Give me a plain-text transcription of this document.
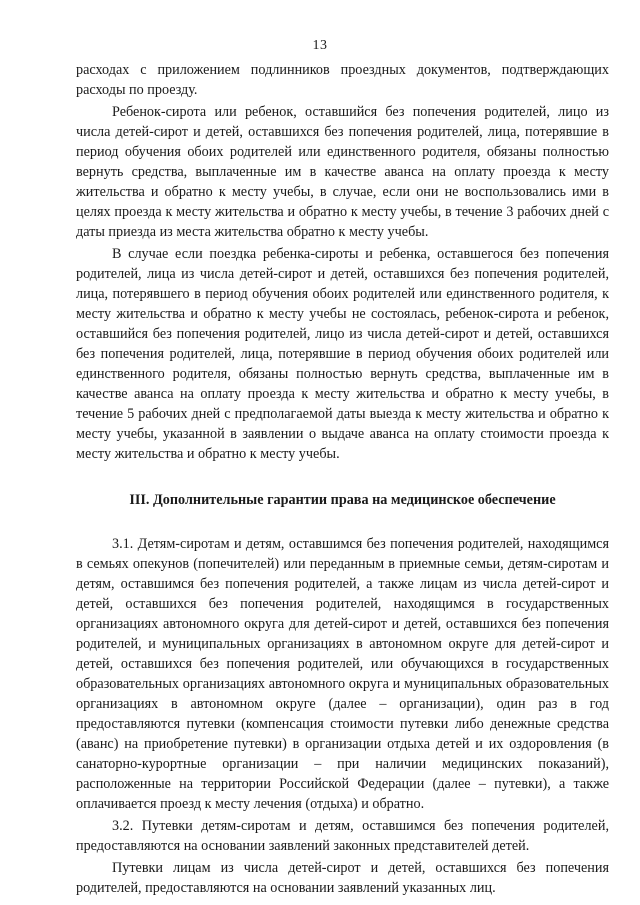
13

расходах с приложением подлинников проездных документов, подтверждающих расходы по проезду.

Ребенок-сирота или ребенок, оставшийся без попечения родителей, лицо из числа детей-сирот и детей, оставшихся без попечения родителей, лица, потерявшие в период обучения обоих родителей или единственного родителя, обязаны полностью вернуть средства, выплаченные им в качестве аванса на оплату проезда к месту жительства и обратно к месту учебы, в случае, если они не воспользовались ими в целях проезда к месту жительства и обратно к месту учебы, в течение 3 рабочих дней с даты приезда из места жительства обратно к месту учебы.

В случае если поездка ребенка-сироты и ребенка, оставшегося без попечения родителей, лица из числа детей-сирот и детей, оставшихся без попечения родителей, лица, потерявшего в период обучения обоих родителей или единственного родителя, к месту жительства и обратно к месту учебы не состоялась, ребенок-сирота и ребенок, оставшийся без попечения родителей, лицо из числа детей-сирот и детей, оставшихся без попечения родителей, лица, потерявшие в период обучения обоих родителей или единственного родителя, обязаны полностью вернуть средства, выплаченные им в качестве аванса на оплату проезда к месту жительства и обратно к месту учебы, в течение 5 рабочих дней с предполагаемой даты выезда к месту жительства и обратно к месту учебы, указанной в заявлении о выдаче аванса на оплату стоимости проезда к месту жительства и обратно к месту учебы.

III. Дополнительные гарантии права на медицинское обеспечение

3.1. Детям-сиротам и детям, оставшимся без попечения родителей, находящимся в семьях опекунов (попечителей) или переданным в приемные семьи, детям-сиротам и детям, оставшимся без попечения родителей, а также лицам из числа детей-сирот и детей, оставшихся без попечения родителей, находящимся в государственных организациях автономного округа для детей-сирот и детей, оставшихся без попечения родителей, и муниципальных организациях в автономном округе для детей-сирот и детей, оставшихся без попечения родителей, или обучающихся в государственных образовательных организациях автономного округа и муниципальных образовательных организациях в автономном округе (далее – организации), один раз в год предоставляются путевки (компенсация стоимости путевки либо денежные средства (аванс) на приобретение путевки) в организации отдыха детей и их оздоровления (в санаторно-курортные организации – при наличии медицинских показаний), расположенные на территории Российской Федерации (далее – путевки), а также оплачивается проезд к месту лечения (отдыха) и обратно.

3.2. Путевки детям-сиротам и детям, оставшимся без попечения родителей, предоставляются на основании заявлений законных представителей детей.

Путевки лицам из числа детей-сирот и детей, оставшихся без попечения родителей, предоставляются на основании заявлений указанных лиц.
